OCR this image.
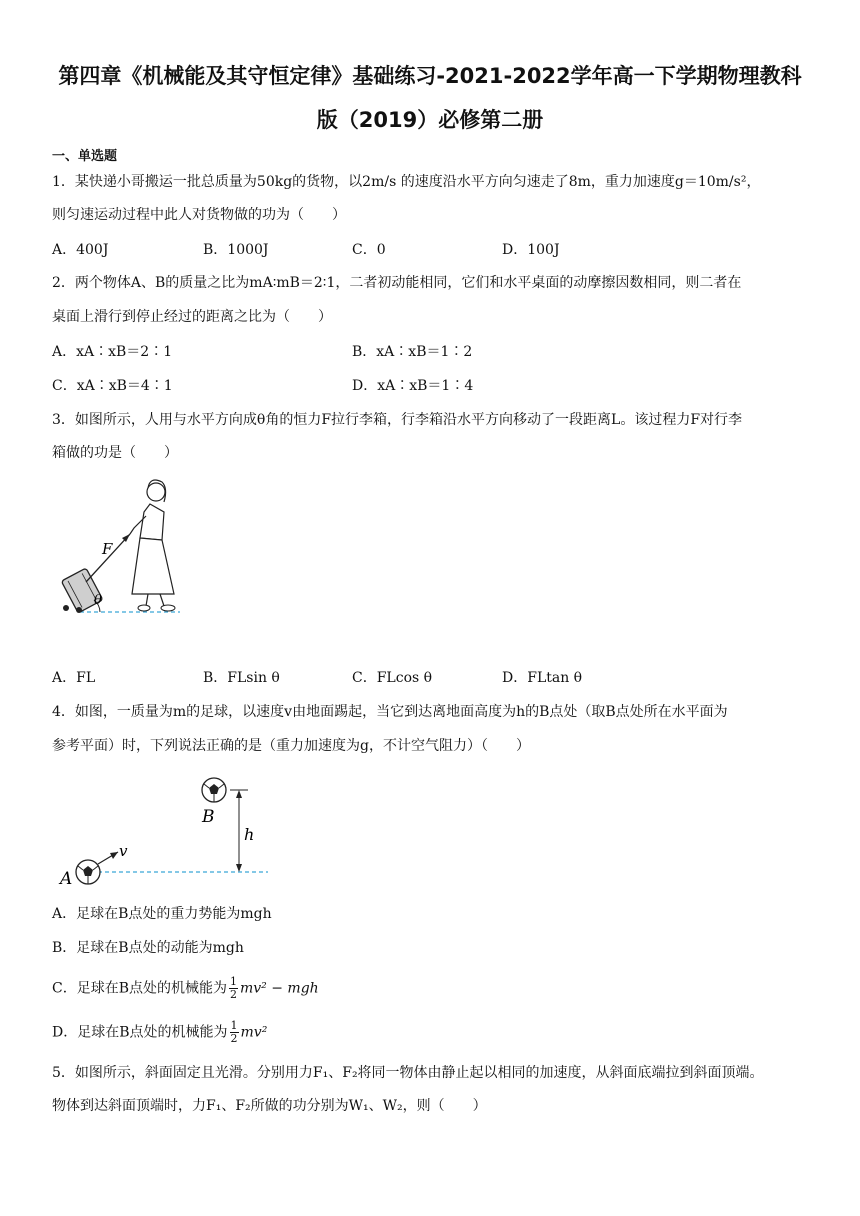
第四章《机械能及其守恒定律》基础练习-2021-2022学年高一下学期物理教科
版（2019）必修第二册
一、单选题
1．某快递小哥搬运一批总质量为50kg的货物，以2m/s 的速度沿水平方向匀速走了8m，重力加速度g＝10m/s²，
则匀速运动过程中此人对货物做的功为（　　）
A．400J	B．1000J	C．0	D．100J
2．两个物体A、B的质量之比为mA∶mB＝2∶1，二者初动能相同，它们和水平桌面的动摩擦因数相同，则二者在
桌面上滑行到停止经过的距离之比为（　　）
A．xA∶xB＝2∶1	B．xA∶xB＝1∶2
C．xA∶xB＝4∶1	D．xA∶xB＝1∶4
3．如图所示，人用与水平方向成θ角的恒力F拉行李箱，行李箱沿水平方向移动了一段距离L。该过程力F对行李
箱做的功是（　　）
F
θ
A．FL	B．FLsin θ	C．FLcos θ	D．FLtan θ
4．如图，一质量为m的足球，以速度v由地面踢起，当它到达离地面高度为h的B点处（取B点处所在水平面为
参考平面）时，下列说法正确的是（重力加速度为g，不计空气阻力）（　　）
A
B
v
h
A．足球在B点处的重力势能为mgh
B．足球在B点处的动能为mgh
C．足球在B点处的机械能为 $\frac{1}{2} mv^2$ − mgh
D．足球在B点处的机械能为 $\frac{1}{2} mv^2$
5．如图所示，斜面固定且光滑。分别用力F₁、F₂将同一物体由静止起以相同的加速度，从斜面底端拉到斜面顶端。
物体到达斜面顶端时，力F₁、F₂所做的功分别为W₁、W₂，则（　　）
